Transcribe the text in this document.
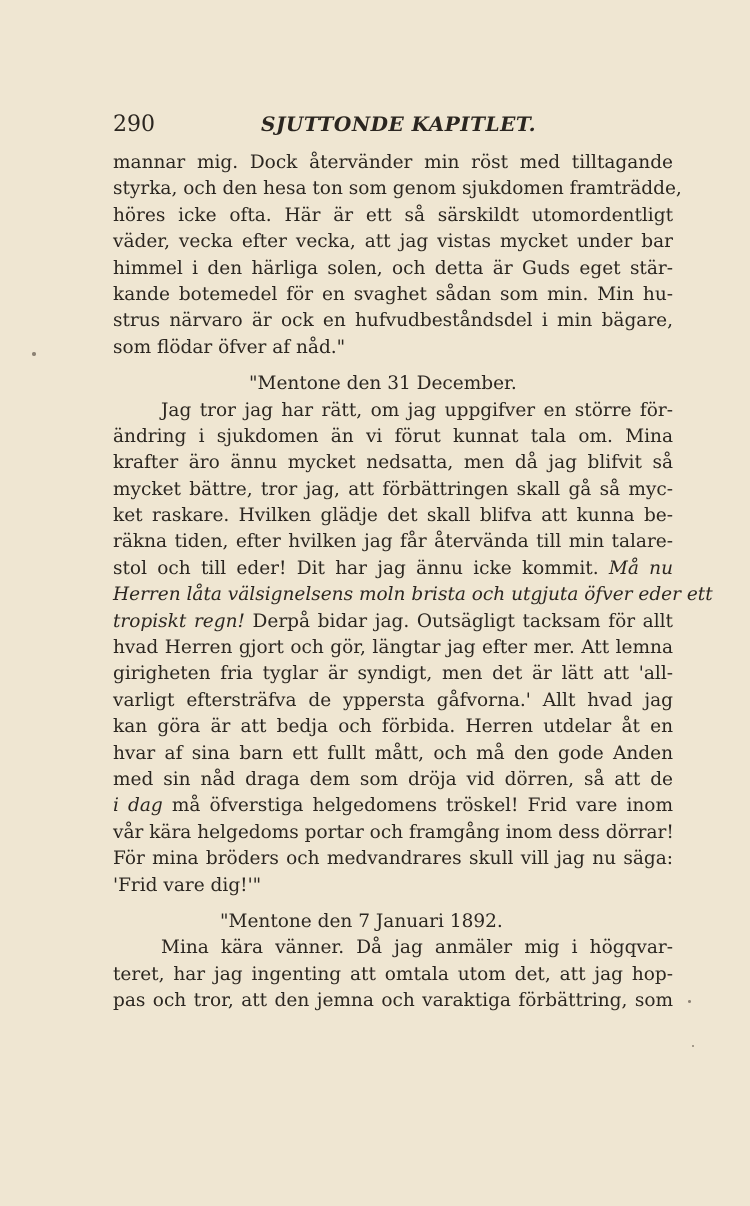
290	SJUTTONDE KAPITLET.
mannar mig. Dock återvänder min röst med tilltagande
styrka, och den hesa ton som genom sjukdomen framträdde,
höres icke ofta. Här är ett så särskildt utomordentligt
väder, vecka efter vecka, att jag vistas mycket under bar
himmel i den härliga solen, och detta är Guds eget stär-
kande botemedel för en svaghet sådan som min. Min hu-
strus närvaro är ock en hufvudbeståndsdel i min bägare,
som flödar öfver af nåd."
"Mentone den 31 December.
Jag tror jag har rätt, om jag uppgifver en större för-
ändring i sjukdomen än vi förut kunnat tala om. Mina
krafter äro ännu mycket nedsatta, men då jag blifvit så
mycket bättre, tror jag, att förbättringen skall gå så myc-
ket raskare. Hvilken glädje det skall blifva att kunna be-
räkna tiden, efter hvilken jag får återvända till min talare-
stol och till eder! Dit har jag ännu icke kommit. Må nu
Herren låta välsignelsens moln brista och utgjuta öfver eder ett
tropiskt regn! Derpå bidar jag. Outsägligt tacksam för allt
hvad Herren gjort och gör, längtar jag efter mer. Att lemna
girigheten fria tyglar är syndigt, men det är lätt att 'all-
varligt eftersträfva de yppersta gåfvorna.' Allt hvad jag
kan göra är att bedja och förbida. Herren utdelar åt en
hvar af sina barn ett fullt mått, och må den gode Anden
med sin nåd draga dem som dröja vid dörren, så att de
i dag må öfverstiga helgedomens tröskel! Frid vare inom
vår kära helgedoms portar och framgång inom dess dörrar!
För mina bröders och medvandrares skull vill jag nu säga:
'Frid vare dig!'"
"Mentone den 7 Januari 1892.
Mina kära vänner. Då jag anmäler mig i högqvar-
teret, har jag ingenting att omtala utom det, att jag hop-
pas och tror, att den jemna och varaktiga förbättring, som
